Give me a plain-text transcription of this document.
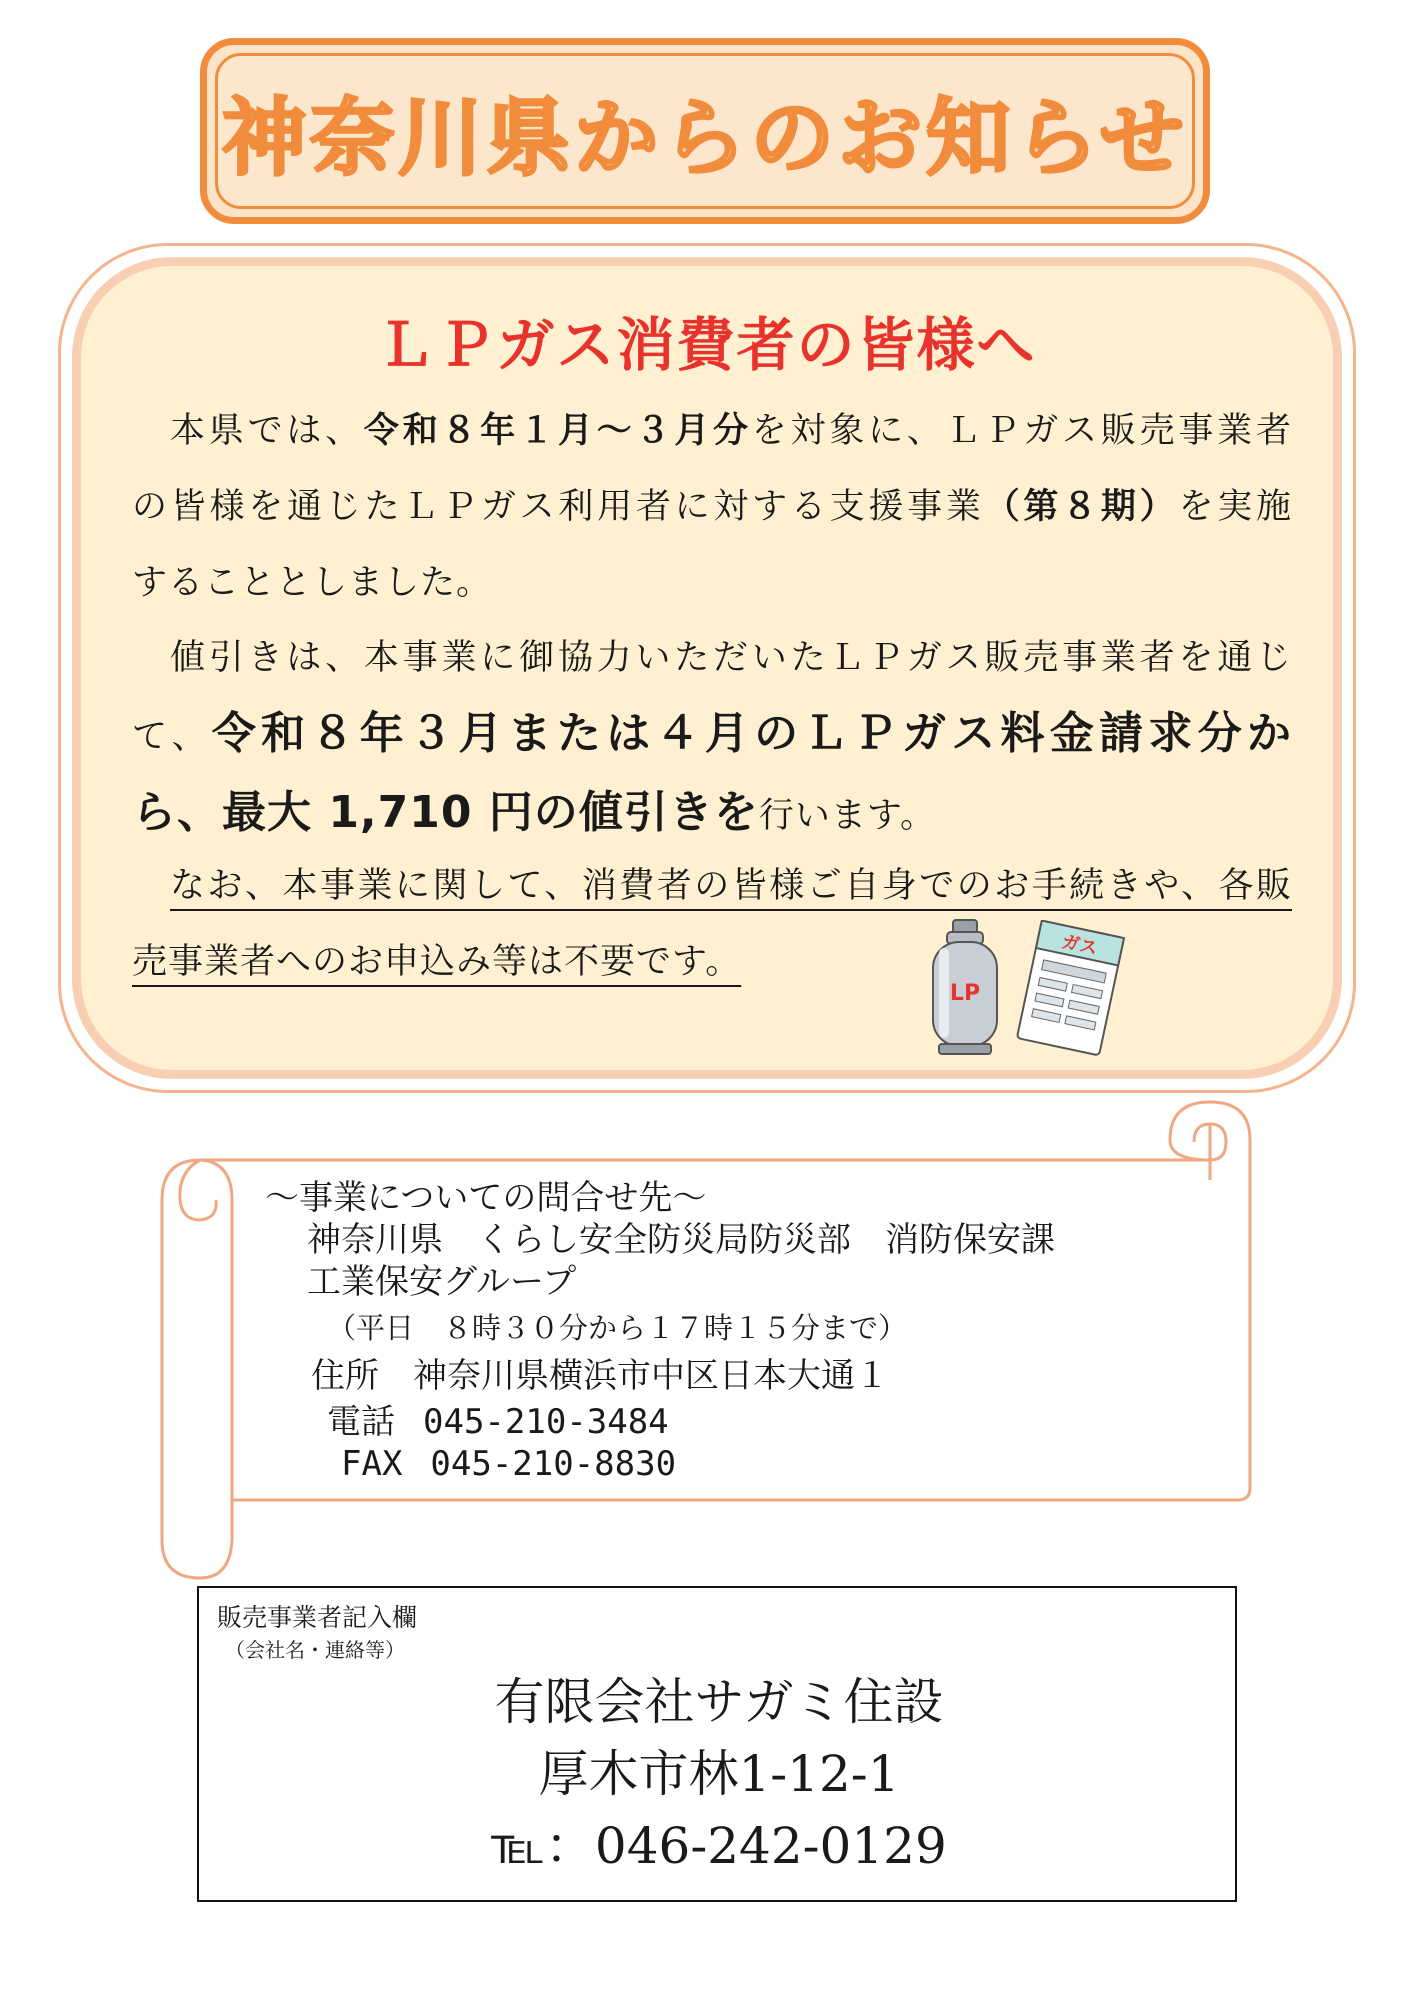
神奈川県からのお知らせ
ＬＰガス消費者の皆様へ
本県では、令和８年１月～３月分を対象に、ＬＰガス販売事業者
の皆様を通じたＬＰガス利用者に対する支援事業（第８期）を実施
することとしました。
値引きは、本事業に御協力いただいたＬＰガス販売事業者を通じ
て、令和８年３月または４月のＬＰガス料金請求分か
ら、最大 1,710 円の値引きを行います。
なお、本事業に関して、消費者の皆様ご自身でのお手続きや、各販
売事業者へのお申込み等は不要です。
LP
ガス
～事業についての問合せ先～
神奈川県　くらし安全防災局防災部　消防保安課
工業保安グループ
（平日　８時３０分から１７時１５分まで）
住所　神奈川県横浜市中区日本大通１
電話 045-210-3484
FAX 045-210-8830
販売事業者記入欄
（会社名・連絡等）
有限会社サガミ住設
厚木市林1-12-1
℡：046-242-0129
